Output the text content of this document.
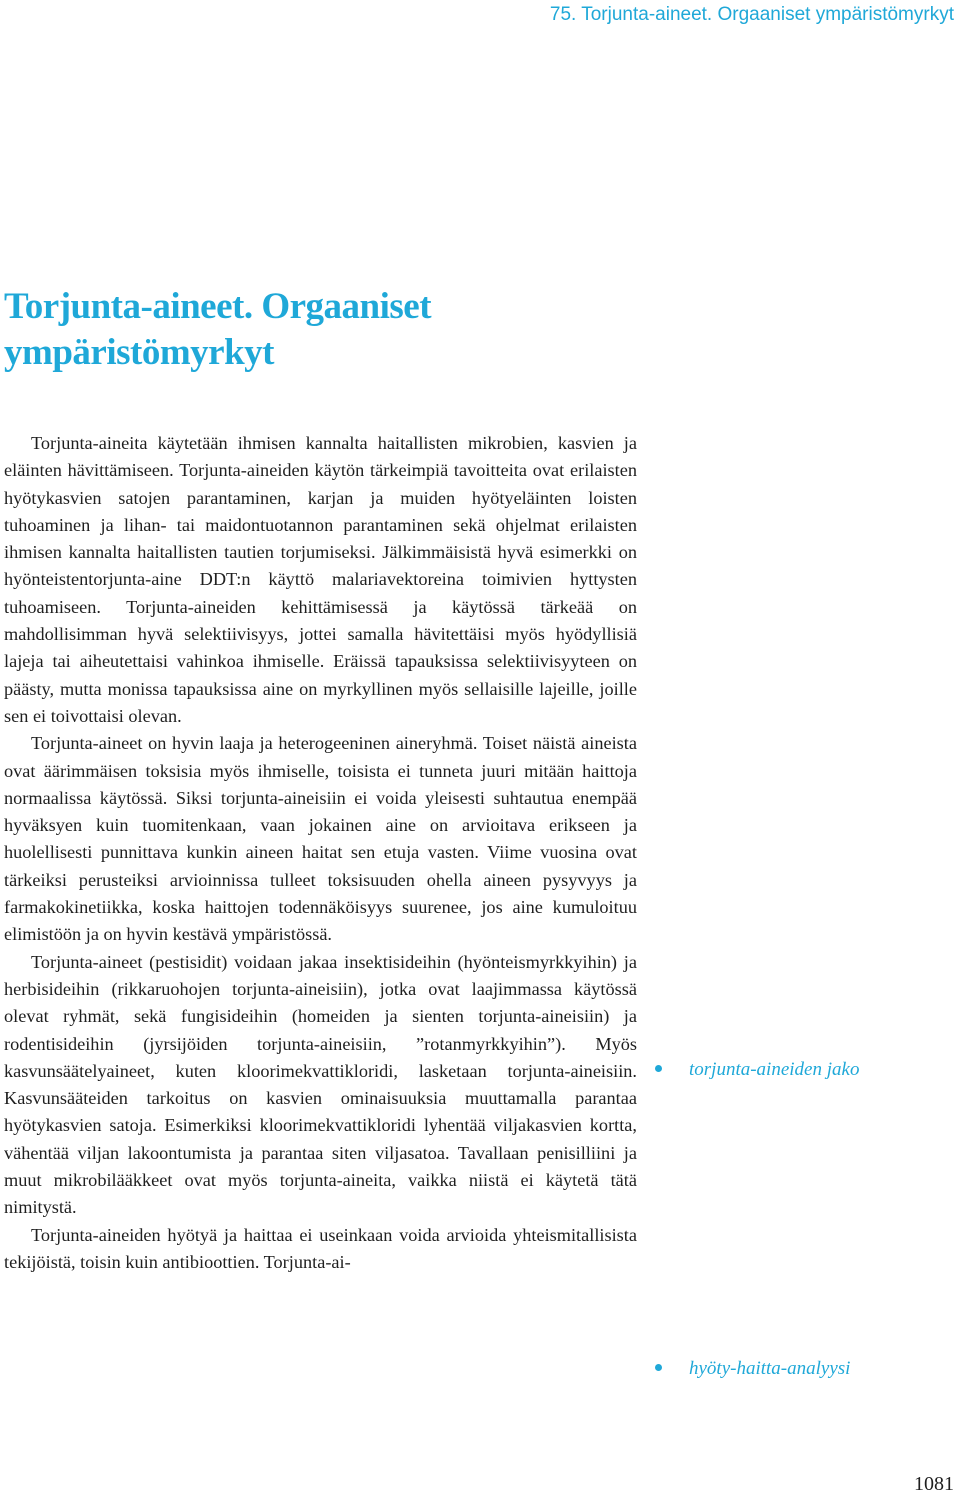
75. Torjunta-aineet. Orgaaniset ympäristömyrkyt
Torjunta-aineet. Orgaaniset
ympäristömyrkyt

Torjunta-aineita käytetään ihmisen kannalta haitallisten mikrobien, kasvien ja eläinten hävittämiseen. Torjunta-aineiden käytön tärkeimpiä tavoitteita ovat erilaisten hyötykasvien satojen parantaminen, karjan ja muiden hyötyeläinten loisten tuhoaminen ja lihan- tai maidontuotannon parantaminen sekä ohjelmat erilaisten ihmisen kannalta haitallisten tautien torjumiseksi. Jälkimmäisistä hyvä esimerkki on hyönteistentorjunta-aine DDT:n käyttö malariavektoreina toimivien hyttysten tuhoamiseen. Torjunta-aineiden kehittämisessä ja käytössä tärkeää on mahdollisimman hyvä selektiivisyys, jottei samalla hävitettäisi myös hyödyllisiä lajeja tai aiheutettaisi vahinkoa ihmiselle. Eräissä tapauksissa selektiivisyyteen on päästy, mutta monissa tapauksissa aine on myrkyllinen myös sellaisille lajeille, joille sen ei toivottaisi olevan.

Torjunta-aineet on hyvin laaja ja heterogeeninen aineryhmä. Toiset näistä aineista ovat äärimmäisen toksisia myös ihmiselle, toisista ei tunneta juuri mitään haittoja normaalissa käytössä. Siksi torjunta-aineisiin ei voida yleisesti suhtautua enempää hyväksyen kuin tuomitenkaan, vaan jokainen aine on arvioitava erikseen ja huolellisesti punnittava kunkin aineen haitat sen etuja vasten. Viime vuosina ovat tärkeiksi perusteiksi arvioinnissa tulleet toksisuuden ohella aineen pysyvyys ja farmakokinetiikka, koska haittojen todennäköisyys suurenee, jos aine kumuloituu elimistöön ja on hyvin kestävä ympäristössä.

Torjunta-aineet (pestisidit) voidaan jakaa insektisideihin (hyönteismyrkkyihin) ja herbisideihin (rikkaruohojen torjunta-aineisiin), jotka ovat laajimmassa käytössä olevat ryhmät, sekä fungisideihin (homeiden ja sienten torjunta-aineisiin) ja rodentisideihin (jyrsijöiden torjunta-aineisiin, ”rotanmyrkkyihin”). Myös kasvunsäätelyaineet, kuten kloorimekvattikloridi, lasketaan torjunta-aineisiin. Kasvunsääteiden tarkoitus on kasvien ominaisuuksia muuttamalla parantaa hyötykasvien satoja. Esimerkiksi kloorimekvattikloridi lyhentää viljakasvien kortta, vähentää viljan lakoontumista ja parantaa siten viljasatoa. Tavallaan penisilliini ja muut mikrobilääkkeet ovat myös torjunta-aineita, vaikka niistä ei käytetä tätä nimitystä.

Torjunta-aineiden hyötyä ja haittaa ei useinkaan voida arvioida yhteismitallisista tekijöistä, toisin kuin antibioottien. Torjunta-ai-

torjunta-aineiden jako
hyöty-haitta-analyysi
1081
